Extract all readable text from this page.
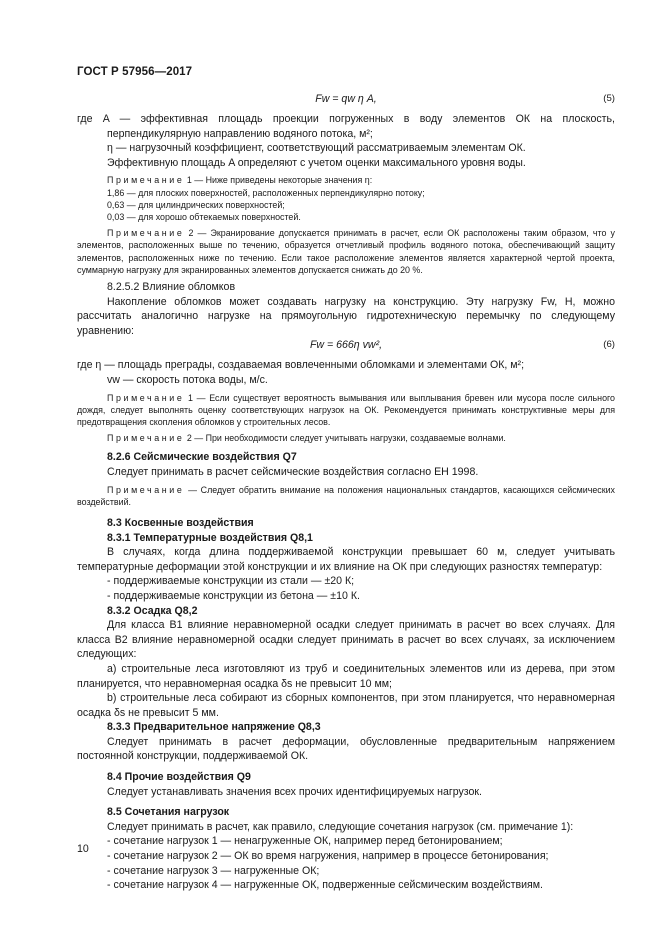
ГОСТ Р 57956—2017
Fw = qw η A,	(5)

где A — эффективная площадь проекции погруженных в воду элементов ОК на плоскость, перпендикулярную направлению водяного потока, м²;

η — нагрузочный коэффициент, соответствующий рассматриваемым элементам ОК.

Эффективную площадь A определяют с учетом оценки максимального уровня воды.

Примечание 1 — Ниже приведены некоторые значения η:

1,86 — для плоских поверхностей, расположенных перпендикулярно потоку;

0,63 — для цилиндрических поверхностей;

0,03 — для хорошо обтекаемых поверхностей.

Примечание 2 — Экранирование допускается принимать в расчет, если ОК расположены таким образом, что у элементов, расположенных выше по течению, образуется отчетливый профиль водяного потока, обеспечивающий защиту элементов, расположенных ниже по течению. Если такое расположение элементов является характерной чертой проекта, суммарную нагрузку для экранированных элементов допускается снижать до 20 %.

8.2.5.2 Влияние обломков

Накопление обломков может создавать нагрузку на конструкцию. Эту нагрузку Fw, Н, можно рассчитать аналогично нагрузке на прямоугольную гидротехническую перемычку по следующему уравнению:

Fw = 666η vw²,	(6)

где η — площадь преграды, создаваемая вовлеченными обломками и элементами ОК, м²;

vw — скорость потока воды, м/с.

Примечание 1 — Если существует вероятность вымывания или выплывания бревен или мусора после сильного дождя, следует выполнять оценку соответствующих нагрузок на ОК. Рекомендуется принимать конструктивные меры для предотвращения скопления обломков у строительных лесов.

Примечание 2 — При необходимости следует учитывать нагрузки, создаваемые волнами.

8.2.6 Сейсмические воздействия Q7

Следует принимать в расчет сейсмические воздействия согласно ЕН 1998.

Примечание — Следует обратить внимание на положения национальных стандартов, касающихся сейсмических воздействий.

8.3 Косвенные воздействия

8.3.1 Температурные воздействия Q8,1

В случаях, когда длина поддерживаемой конструкции превышает 60 м, следует учитывать температурные деформации этой конструкции и их влияние на ОК при следующих разностях температур:

- поддерживаемые конструкции из стали — ±20 К;

- поддерживаемые конструкции из бетона — ±10 К.

8.3.2 Осадка Q8,2

Для класса В1 влияние неравномерной осадки следует принимать в расчет во всех случаях. Для класса В2 влияние неравномерной осадки следует принимать в расчет во всех случаях, за исключением следующих:

а) строительные леса изготовляют из труб и соединительных элементов или из дерева, при этом планируется, что неравномерная осадка δs не превысит 10 мм;

b) строительные леса собирают из сборных компонентов, при этом планируется, что неравномерная осадка δs не превысит 5 мм.

8.3.3 Предварительное напряжение Q8,3

Следует принимать в расчет деформации, обусловленные предварительным напряжением постоянной конструкции, поддерживаемой ОК.

8.4 Прочие воздействия Q9

Следует устанавливать значения всех прочих идентифицируемых нагрузок.

8.5 Сочетания нагрузок

Следует принимать в расчет, как правило, следующие сочетания нагрузок (см. примечание 1):

- сочетание нагрузок 1 — ненагруженные ОК, например перед бетонированием;

- сочетание нагрузок 2 — ОК во время нагружения, например в процессе бетонирования;

- сочетание нагрузок 3 — нагруженные ОК;

- сочетание нагрузок 4 — нагруженные ОК, подверженные сейсмическим воздействиям.

10
